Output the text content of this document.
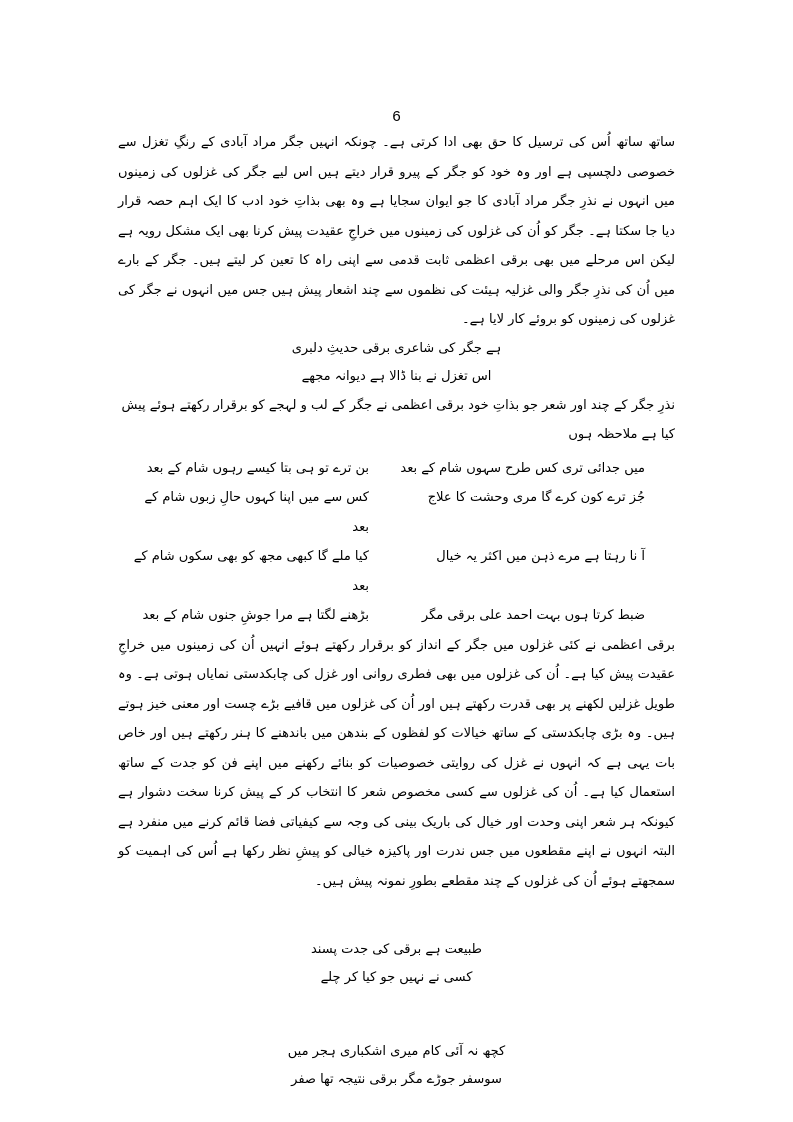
6

ساتھ ساتھ اُس کی ترسیل کا حق بھی ادا کرتی ہے۔ چونکہ انہیں جگر مراد آبادی کے رنگِ تغزل سے خصوصی دلچسپی ہے اور وہ خود کو جگر کے پیرو قرار دیتے ہیں اس لیے جگر کی غزلوں کی زمینوں میں انہوں نے نذرِ جگر مراد آبادی کا جو ایوان سجایا ہے وہ بھی بذاتِ خود ادب کا ایک اہم حصہ قرار دیا جا سکتا ہے۔ جگر کو اُن کی غزلوں کی زمینوں میں خراجِ عقیدت پیش کرنا بھی ایک مشکل رویہ ہے لیکن اس مرحلے میں بھی برقی اعظمی ثابت قدمی سے اپنی راہ کا تعین کر لیتے ہیں۔ جگر کے بارے میں اُن کی نذرِ جگر والی غزلیہ ہیئت کی نظموں سے چند اشعار پیش ہیں جس میں انہوں نے جگر کی غزلوں کی زمینوں کو بروئے کار لایا ہے۔

ہے جگر کی شاعری برقی حدیثِ دلبری

اس تغزل نے بنا ڈالا ہے دیوانہ مجھے

نذرِ جگر کے چند اور شعر جو بذاتِ خود برقی اعظمی نے جگر کے لب و لہجے کو برقرار رکھتے ہوئے پیش کیا ہے ملاحظہ ہوں

میں جدائی تری کس طرح سہوں شام کے بعد
بن ترے تو ہی بتا کیسے رہوں شام کے بعد
جُز ترے کون کرے گا مری وحشت کا علاج
کس سے میں اپنا کہوں حالِ زبوں شام کے بعد
آ نا رہتا ہے مرے ذہن میں اکثر یہ خیال
کیا ملے گا کبھی مجھ کو بھی سکوں شام کے بعد
ضبط کرتا ہوں بہت احمد علی برقی مگر
بڑھنے لگتا ہے مرا جوشِ جنوں شام کے بعد

برقی اعظمی نے کئی غزلوں میں جگر کے انداز کو برقرار رکھتے ہوئے انہیں اُن کی زمینوں میں خراجِ عقیدت پیش کیا ہے۔ اُن کی غزلوں میں بھی فطری روانی اور غزل کی چابکدستی نمایاں ہوتی ہے۔ وہ طویل غزلیں لکھنے پر بھی قدرت رکھتے ہیں اور اُن کی غزلوں میں قافیے بڑے چست اور معنی خیز ہوتے ہیں۔ وہ بڑی چابکدستی کے ساتھ خیالات کو لفظوں کے بندھن میں باندھنے کا ہنر رکھتے ہیں اور خاص بات یہی ہے کہ انہوں نے غزل کی روایتی خصوصیات کو بنائے رکھنے میں اپنے فن کو جدت کے ساتھ استعمال کیا ہے۔ اُن کی غزلوں سے کسی مخصوص شعر کا انتخاب کر کے پیش کرنا سخت دشوار ہے کیونکہ ہر شعر اپنی وحدت اور خیال کی باریک بینی کی وجہ سے کیفیاتی فضا قائم کرنے میں منفرد ہے البتہ انہوں نے اپنے مقطعوں میں جس ندرت اور پاکیزہ خیالی کو پیشِ نظر رکھا ہے اُس کی اہمیت کو سمجھتے ہوئے اُن کی غزلوں کے چند مقطعے بطورِ نمونہ پیش ہیں۔

طبیعت ہے برقی کی جدت پسند

کسی نے نہیں جو کیا کر چلے

کچھ نہ آئی کام میری اشکباری ہجر میں

سوسفر جوڑے مگر برقی نتیجہ تھا صفر
